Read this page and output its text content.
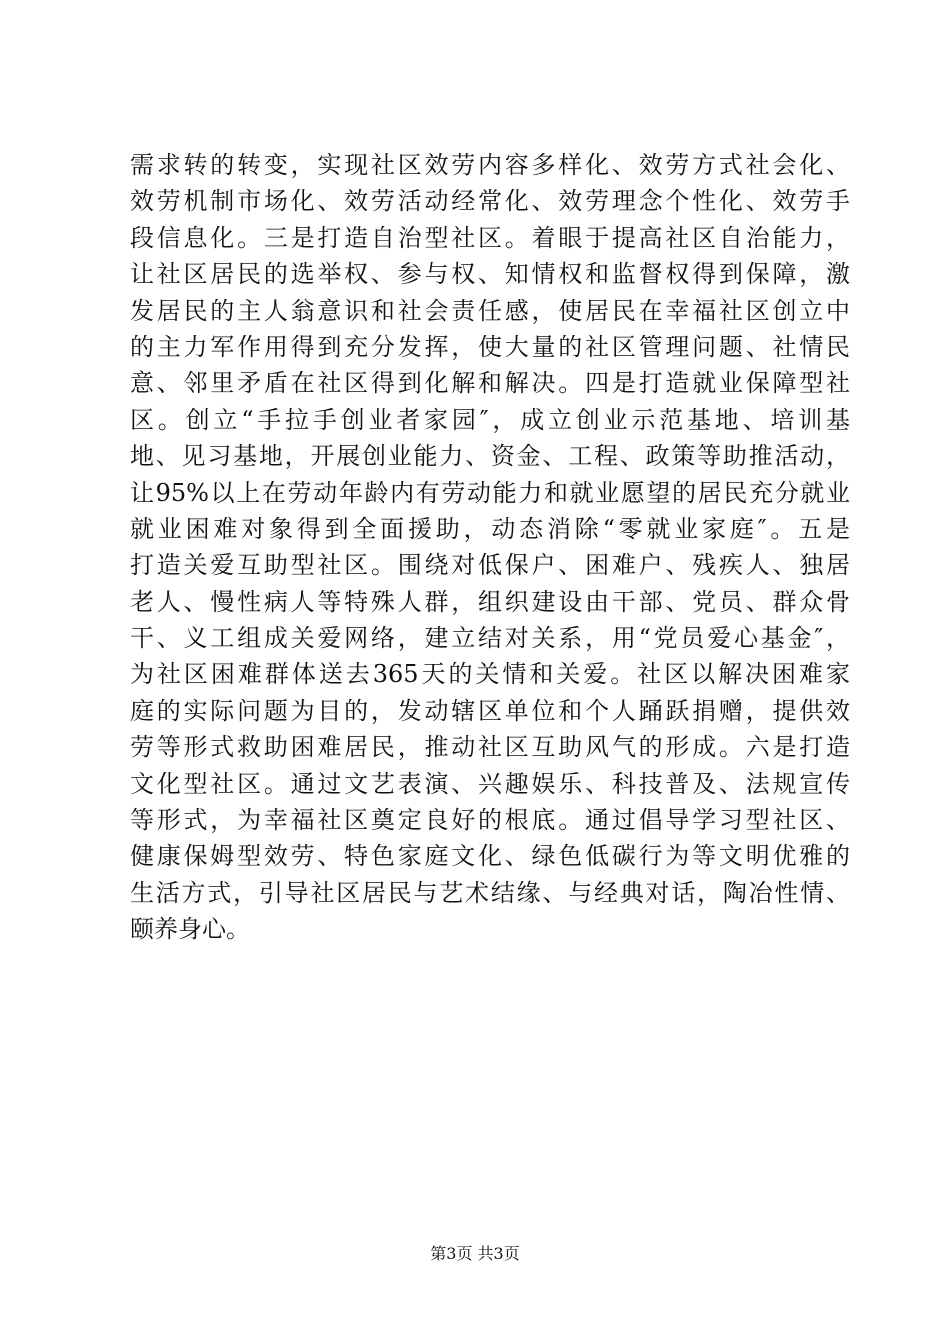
需求转的转变，实现社区效劳内容多样化、效劳方式社会化、
效劳机制市场化、效劳活动经常化、效劳理念个性化、效劳手
段信息化。三是打造自治型社区。着眼于提高社区自治能力，
让社区居民的选举权、参与权、知情权和监督权得到保障，激
发居民的主人翁意识和社会责任感，使居民在幸福社区创立中
的主力军作用得到充分发挥，使大量的社区管理问题、社情民
意、邻里矛盾在社区得到化解和解决。四是打造就业保障型社
区。创立“手拉手创业者家园″，成立创业示范基地、培训基
地、见习基地，开展创业能力、资金、工程、政策等助推活动，
让95%以上在劳动年龄内有劳动能力和就业愿望的居民充分就业
就业困难对象得到全面援助，动态消除“零就业家庭″。五是
打造关爱互助型社区。围绕对低保户、困难户、残疾人、独居
老人、慢性病人等特殊人群，组织建设由干部、党员、群众骨
干、义工组成关爱网络，建立结对关系，用“党员爱心基金″，
为社区困难群体送去365天的关情和关爱。社区以解决困难家
庭的实际问题为目的，发动辖区单位和个人踊跃捐赠，提供效
劳等形式救助困难居民，推动社区互助风气的形成。六是打造
文化型社区。通过文艺表演、兴趣娱乐、科技普及、法规宣传
等形式，为幸福社区奠定良好的根底。通过倡导学习型社区、
健康保姆型效劳、特色家庭文化、绿色低碳行为等文明优雅的
生活方式，引导社区居民与艺术结缘、与经典对话，陶冶性情、
颐养身心。
第3页 共3页
